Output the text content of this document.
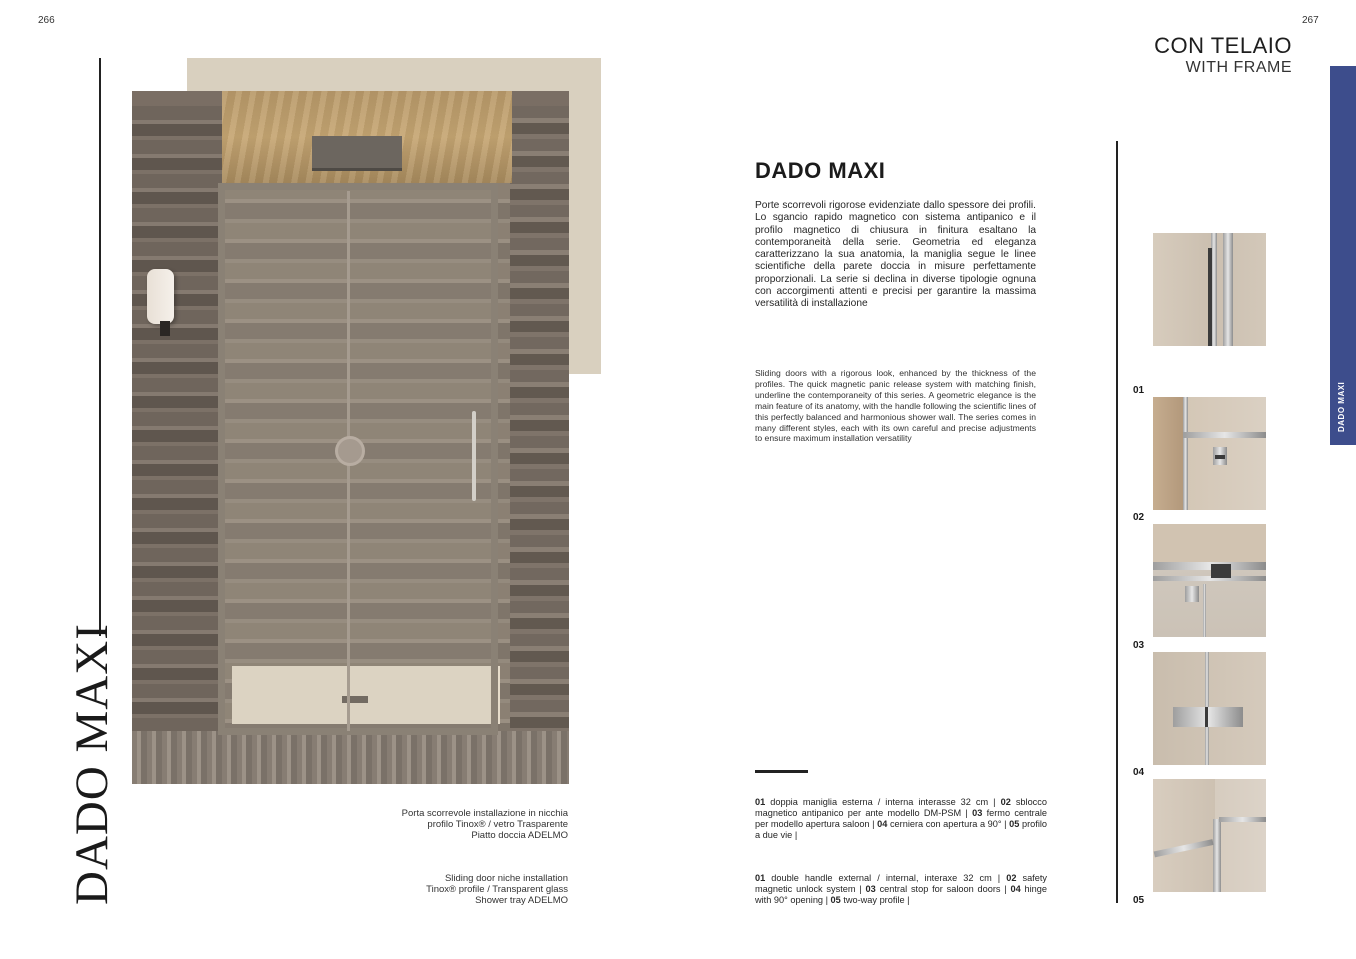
266
DADO MAXI	Porta scorrevole installazione in nicchia
profilo Tinox® / vetro Trasparente
Piatto doccia ADELMO
Sliding door niche installation
Tinox® profile / Transparent glass
Shower tray ADELMO
267
CON TELAIO
WITH FRAME
DADO MAXI
DADO MAXI
Porte scorrevoli rigorose evidenziate dallo spessore dei profili. Lo sgancio rapido magnetico con sistema antipanico e il profilo magnetico di chiusura in finitura esaltano la contemporaneità della serie. Geometria ed eleganza caratterizzano la sua anatomia, la maniglia segue le linee scientifiche della parete doccia in misure perfettamente proporzionali. La serie si declina in diverse tipologie ognuna con accorgimenti attenti e precisi per garantire la massima versatilità di installazione
Sliding doors with a rigorous look, enhanced by the thickness of the profiles. The quick magnetic panic release system with matching finish, underline the contemporaneity of this series. A geometric elegance is the main feature of its anatomy, with the handle following the scientific lines of this perfectly balanced and harmonious shower wall. The series comes in many different styles, each with its own careful and precise adjustments to ensure maximum installation versatility
01 doppia maniglia esterna / interna interasse 32 cm | 02 sblocco magnetico antipanico per ante modello DM-PSM | 03 fermo centrale per modello apertura saloon | 04 cerniera con apertura a 90° | 05 profilo a due vie |
01 double handle external / internal, interaxe 32 cm | 02 safety magnetic unlock system | 03 central stop for saloon doors | 04 hinge with 90° opening | 05 two-way profile |
01
02
03
04
05
